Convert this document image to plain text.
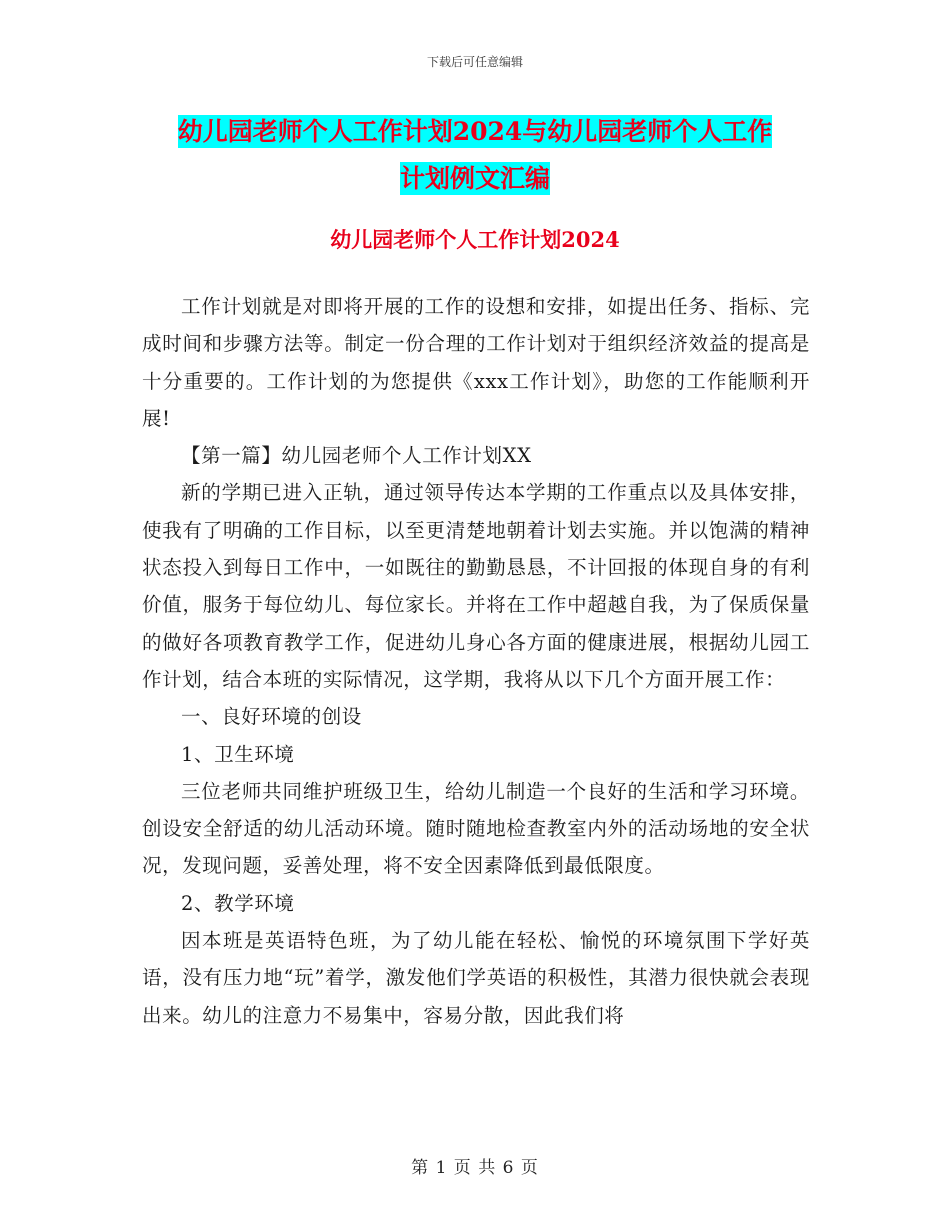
下载后可任意编辑
幼儿园老师个人工作计划2024与幼儿园老师个人工作
计划例文汇编
幼儿园老师个人工作计划2024

工作计划就是对即将开展的工作的设想和安排，如提出任务、指标、完成时间和步骤方法等。制定一份合理的工作计划对于组织经济效益的提高是十分重要的。工作计划的为您提供《xxx工作计划》，助您的工作能顺利开展!

【第一篇】幼儿园老师个人工作计划XX

新的学期已进入正轨，通过领导传达本学期的工作重点以及具体安排，使我有了明确的工作目标，以至更清楚地朝着计划去实施。并以饱满的精神状态投入到每日工作中，一如既往的勤勤恳恳，不计回报的体现自身的有利价值，服务于每位幼儿、每位家长。并将在工作中超越自我，为了保质保量的做好各项教育教学工作，促进幼儿身心各方面的健康进展，根据幼儿园工作计划，结合本班的实际情况，这学期，我将从以下几个方面开展工作：

一、良好环境的创设

1、卫生环境

三位老师共同维护班级卫生，给幼儿制造一个良好的生活和学习环境。创设安全舒适的幼儿活动环境。随时随地检查教室内外的活动场地的安全状况，发现问题，妥善处理，将不安全因素降低到最低限度。

2、教学环境

因本班是英语特色班，为了幼儿能在轻松、愉悦的环境氛围下学好英语，没有压力地“玩”着学，激发他们学英语的积极性，其潜力很快就会表现出来。幼儿的注意力不易集中，容易分散，因此我们将

第 1 页 共 6 页
